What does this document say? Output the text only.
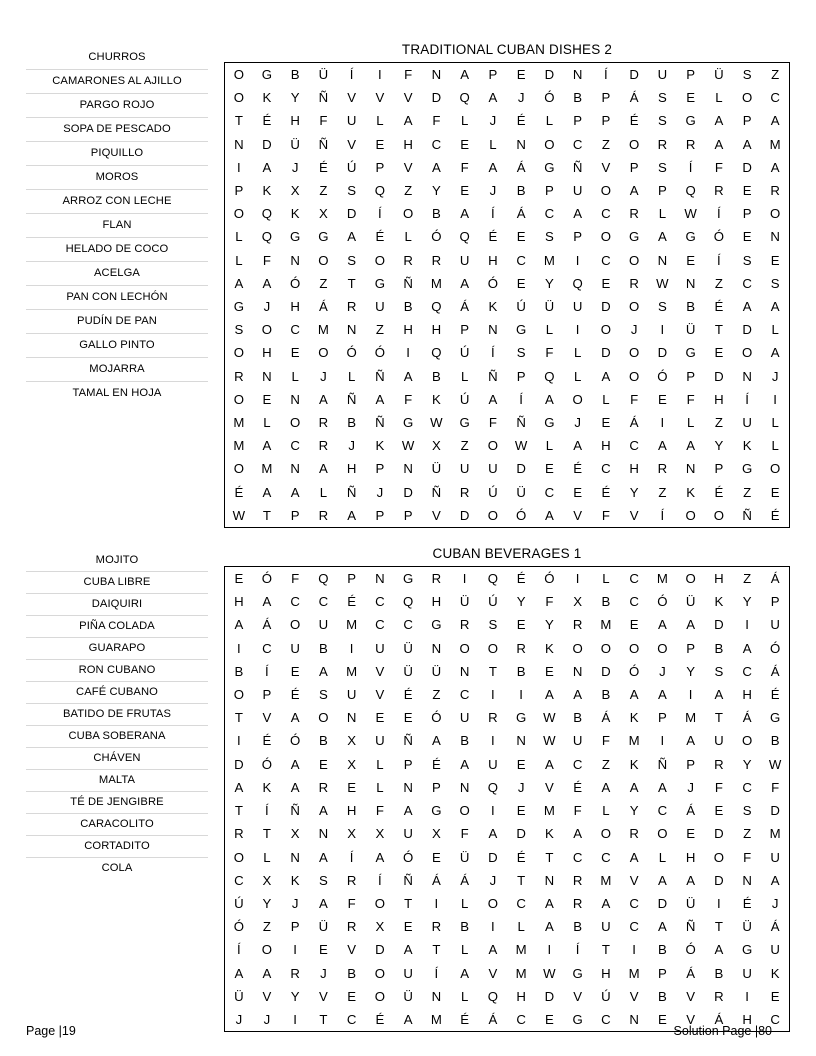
CHURROS
CAMARONES AL AJILLO
PARGO ROJO
SOPA DE PESCADO
PIQUILLO
MOROS
ARROZ CON LECHE
FLAN
HELADO DE COCO
ACELGA
PAN CON LECHÓN
PUDÍN DE PAN
GALLO PINTO
MOJARRA
TAMAL EN HOJA
TRADITIONAL CUBAN DISHES 2
O	G	B	Ü	Í	I	F	N	A	P	E	D	N	Í	D	U	P	Ü	S	Z
O	K	Y	Ñ	V	V	V	D	Q	A	J	Ó	B	P	Á	S	E	L	O	C
T	É	H	F	U	L	A	F	L	J	É	L	P	P	É	S	G	A	P	A
N	D	Ü	Ñ	V	E	H	C	E	L	N	O	C	Z	O	R	R	A	A	M
I	A	J	É	Ú	P	V	A	F	A	Á	G	Ñ	V	P	S	Í	F	D	A
P	K	X	Z	S	Q	Z	Y	E	J	B	P	U	O	A	P	Q	R	E	R
O	Q	K	X	D	Í	O	B	A	Í	Á	C	A	C	R	L	W	Í	P	O
L	Q	G	G	A	É	L	Ó	Q	É	E	S	P	O	G	A	G	Ó	E	N
L	F	N	O	S	O	R	R	U	H	C	M	I	C	O	N	E	Í	S	E
A	A	Ó	Z	T	G	Ñ	M	A	Ó	E	Y	Q	E	R	W	N	Z	C	S
G	J	H	Á	R	U	B	Q	Á	K	Ú	Ü	U	D	O	S	B	É	A	A
S	O	C	M	N	Z	H	H	P	N	G	L	I	O	J	I	Ü	T	D	L
O	H	E	O	Ó	Ó	I	Q	Ú	Í	S	F	L	D	O	D	G	E	O	A
R	N	L	J	L	Ñ	A	B	L	Ñ	P	Q	L	A	O	Ó	P	D	N	J
O	E	N	A	Ñ	A	F	K	Ú	A	Í	A	O	L	F	E	F	H	Í	I
M	L	O	R	B	Ñ	G	W	G	F	Ñ	G	J	E	Á	I	L	Z	U	L
M	A	C	R	J	K	W	X	Z	O	W	L	A	H	C	A	A	Y	K	L
O	M	N	A	H	P	N	Ü	U	U	D	E	É	C	H	R	N	P	G	O
É	A	A	L	Ñ	J	D	Ñ	R	Ú	Ü	C	E	É	Y	Z	K	É	Z	E
W	T	P	R	A	P	P	V	D	O	Ó	A	V	F	V	Í	O	O	Ñ	É
MOJITO
CUBA LIBRE
DAIQUIRI
PIÑA COLADA
GUARAPO
RON CUBANO
CAFÉ CUBANO
BATIDO DE FRUTAS
CUBA SOBERANA
CHÁVEN
MALTA
TÉ DE JENGIBRE
CARACOLITO
CORTADITO
COLA
CUBAN BEVERAGES 1
E	Ó	F	Q	P	N	G	R	I	Q	É	Ó	I	L	C	M	O	H	Z	Á
H	A	C	C	É	C	Q	H	Ü	Ú	Y	F	X	B	C	Ó	Ü	K	Y	P
A	Á	O	U	M	C	C	G	R	S	E	Y	R	M	E	A	A	D	I	U
I	C	U	B	I	U	Ü	N	O	O	R	K	O	O	O	O	P	B	A	Ó
B	Í	E	A	M	V	Ü	Ü	N	T	B	E	N	D	Ó	J	Y	S	C	Á
O	P	É	S	U	V	É	Z	C	I	I	A	A	B	A	A	I	A	H	É
T	V	A	O	N	E	E	Ó	U	R	G	W	B	Á	K	P	M	T	Á	G
I	É	Ó	B	X	U	Ñ	A	B	I	N	W	U	F	M	I	A	U	O	B
D	Ó	A	E	X	L	P	É	A	U	E	A	C	Z	K	Ñ	P	R	Y	W
A	K	A	R	E	L	N	P	N	Q	J	V	É	A	A	A	J	F	C	F
T	Í	Ñ	A	H	F	A	G	O	I	E	M	F	L	Y	C	Á	E	S	D
R	T	X	N	X	X	U	X	F	A	D	K	A	O	R	O	E	D	Z	M
O	L	N	A	Í	A	Ó	E	Ü	D	É	T	C	C	A	L	H	O	F	U
C	X	K	S	R	Í	Ñ	Á	Á	J	T	N	R	M	V	A	A	D	N	A
Ú	Y	J	A	F	O	T	I	L	O	C	A	R	A	C	D	Ü	I	É	J
Ó	Z	P	Ü	R	X	E	R	B	I	L	A	B	U	C	A	Ñ	T	Ü	Á
Í	O	I	E	V	D	A	T	L	A	M	I	Í	T	I	B	Ó	A	G	U
A	A	R	J	B	O	U	Í	A	V	M	W	G	H	M	P	Á	B	U	K
Ü	V	Y	V	E	O	Ü	N	L	Q	H	D	V	Ú	V	B	V	R	I	E
J	J	I	T	C	É	A	M	É	Á	C	E	G	C	N	E	V	Á	H	C
Page |19	Solution Page |80
